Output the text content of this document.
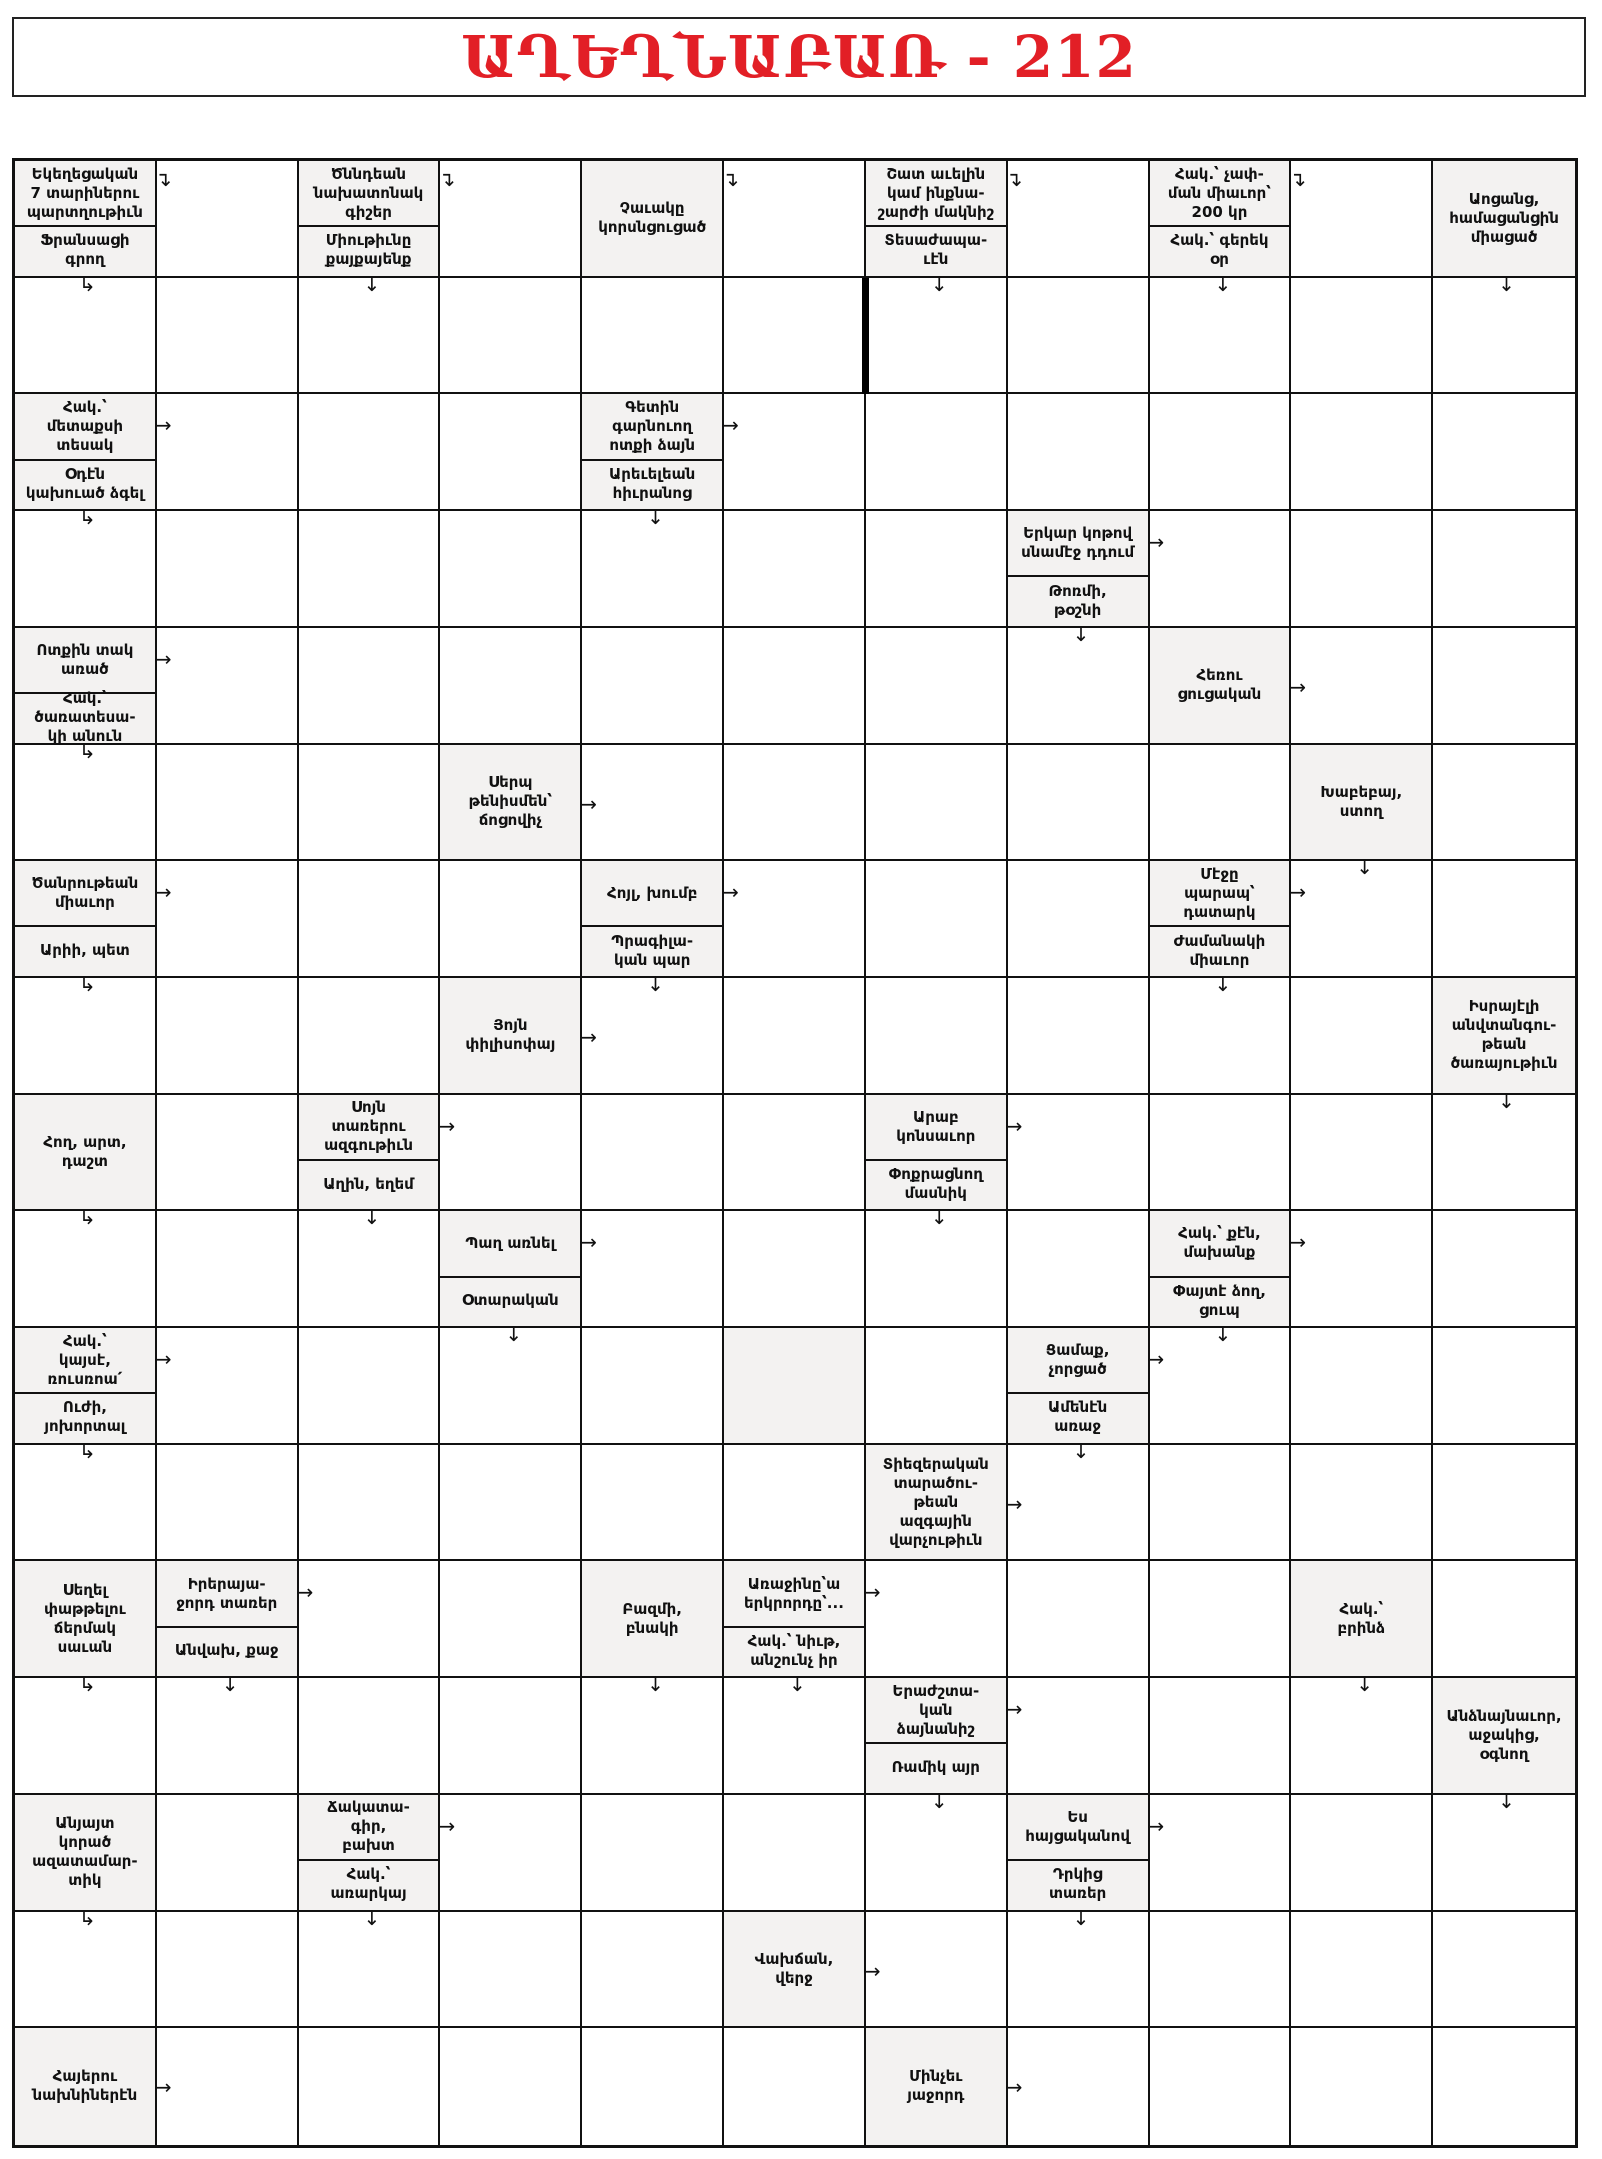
ԱՂԵՂՆԱԲԱՌ - 212
Եկեղեցական
7 տարիներու
պարտղութիւն
↴
Ֆրանսացի
գրող
↳
Ծննդեան
նախատոնակ
գիշեր
↴
Միութիւնը
քայքայենք
↓
Չաւակը
կորսնցուցած
↴	Շատ աւելին
կամ ինքնա-
շարժի մակնիշ
↴
Տեսաժապա-
ւէն
↓
Հակ.՝ չափ-
ման միաւոր՝
200 կր
↴
Հակ.՝ գերեկ
օր
↓
Աոցանց,
համացանցին
միացած
↓
Հակ.՝
մետաքսի
տեսակ
→
Օդէն
կախուած ձգել
↳
Գետին
գարնուող
ոտքի ձայն
→
Արեւելեան
հիւրանոց
↓
Երկար կոթով
սնամէջ դդում →
Թոռմի,
թօշնի
↓
Ոտքին տակ
առած	→
Հակ.՝
ծառատեսա-
կի անուն
↳
Հեռու
ցուցական	→
Սերպ
թենիսմեն՝
ճոցովիչ
→	Խաբեբայ,
ստող
↓
Ծանրութեան
միաւոր	→
Արիի, պետ
↳
Հոյլ, խումբ	→
Պրագիլա-
կան պար
↓
Մէջը
պարապ՝
դատարկ
→
Ժամանակի
միաւոր
↓
Յոյն
փիլիսոփայ	→
Իսրայէլի
անվտանգու-
թեան
ծառայութիւն
↓
Հող, արտ,
դաշտ
↳
Սոյն
տառերու
ազգութիւն
→
Աղին, եղեմ
↓
Արաբ
կոնսաւոր	→
Փոքրացնող
մասնիկ
↓
Պաղ առնել	→
Օտարական
↓
Հակ.՝ քէն,
մախանք	→
Փայտէ ձող,
ցուպ
↓
Հակ.՝
կայսէ,
ռուսռոա՛
→
Ուժի,
յոխորտալ
↳
Ցամաք,
չորցած	→
Ամենէն
առաջ
↓
Տիեզերական
տարածու-
թեան
ազգային
վարչութիւն
→
Սեղել
փաթթելու
ճերմակ
սաւան
↳
Իրերայա-
ջորդ տառեր →
Անվախ, քաջ
↓
Բազմի,
բնակի
↓
Առաջինը՝ա
երկրորդը՝... →
Հակ.՝ նիւթ,
անշունչ իր
↓
Հակ.՝
բրինձ
↓
Երաժշտա-
կան
ձայնանիշ
→
Ռամիկ այր
↓
Անձնայնաւոր,
աջակից,
օգնող
↓
Անյայտ
կորած
ազատամար-
տիկ
↳
Ճակատա-
գիր,
բախտ
→
Հակ.՝
առարկայ
↓
Ես
հայցականով →
Դրկից
տառեր
↓
Վախճան,
վերջ	→
Հայերու
նախնիներէն →	Մինչեւ
յաջորդ	→
